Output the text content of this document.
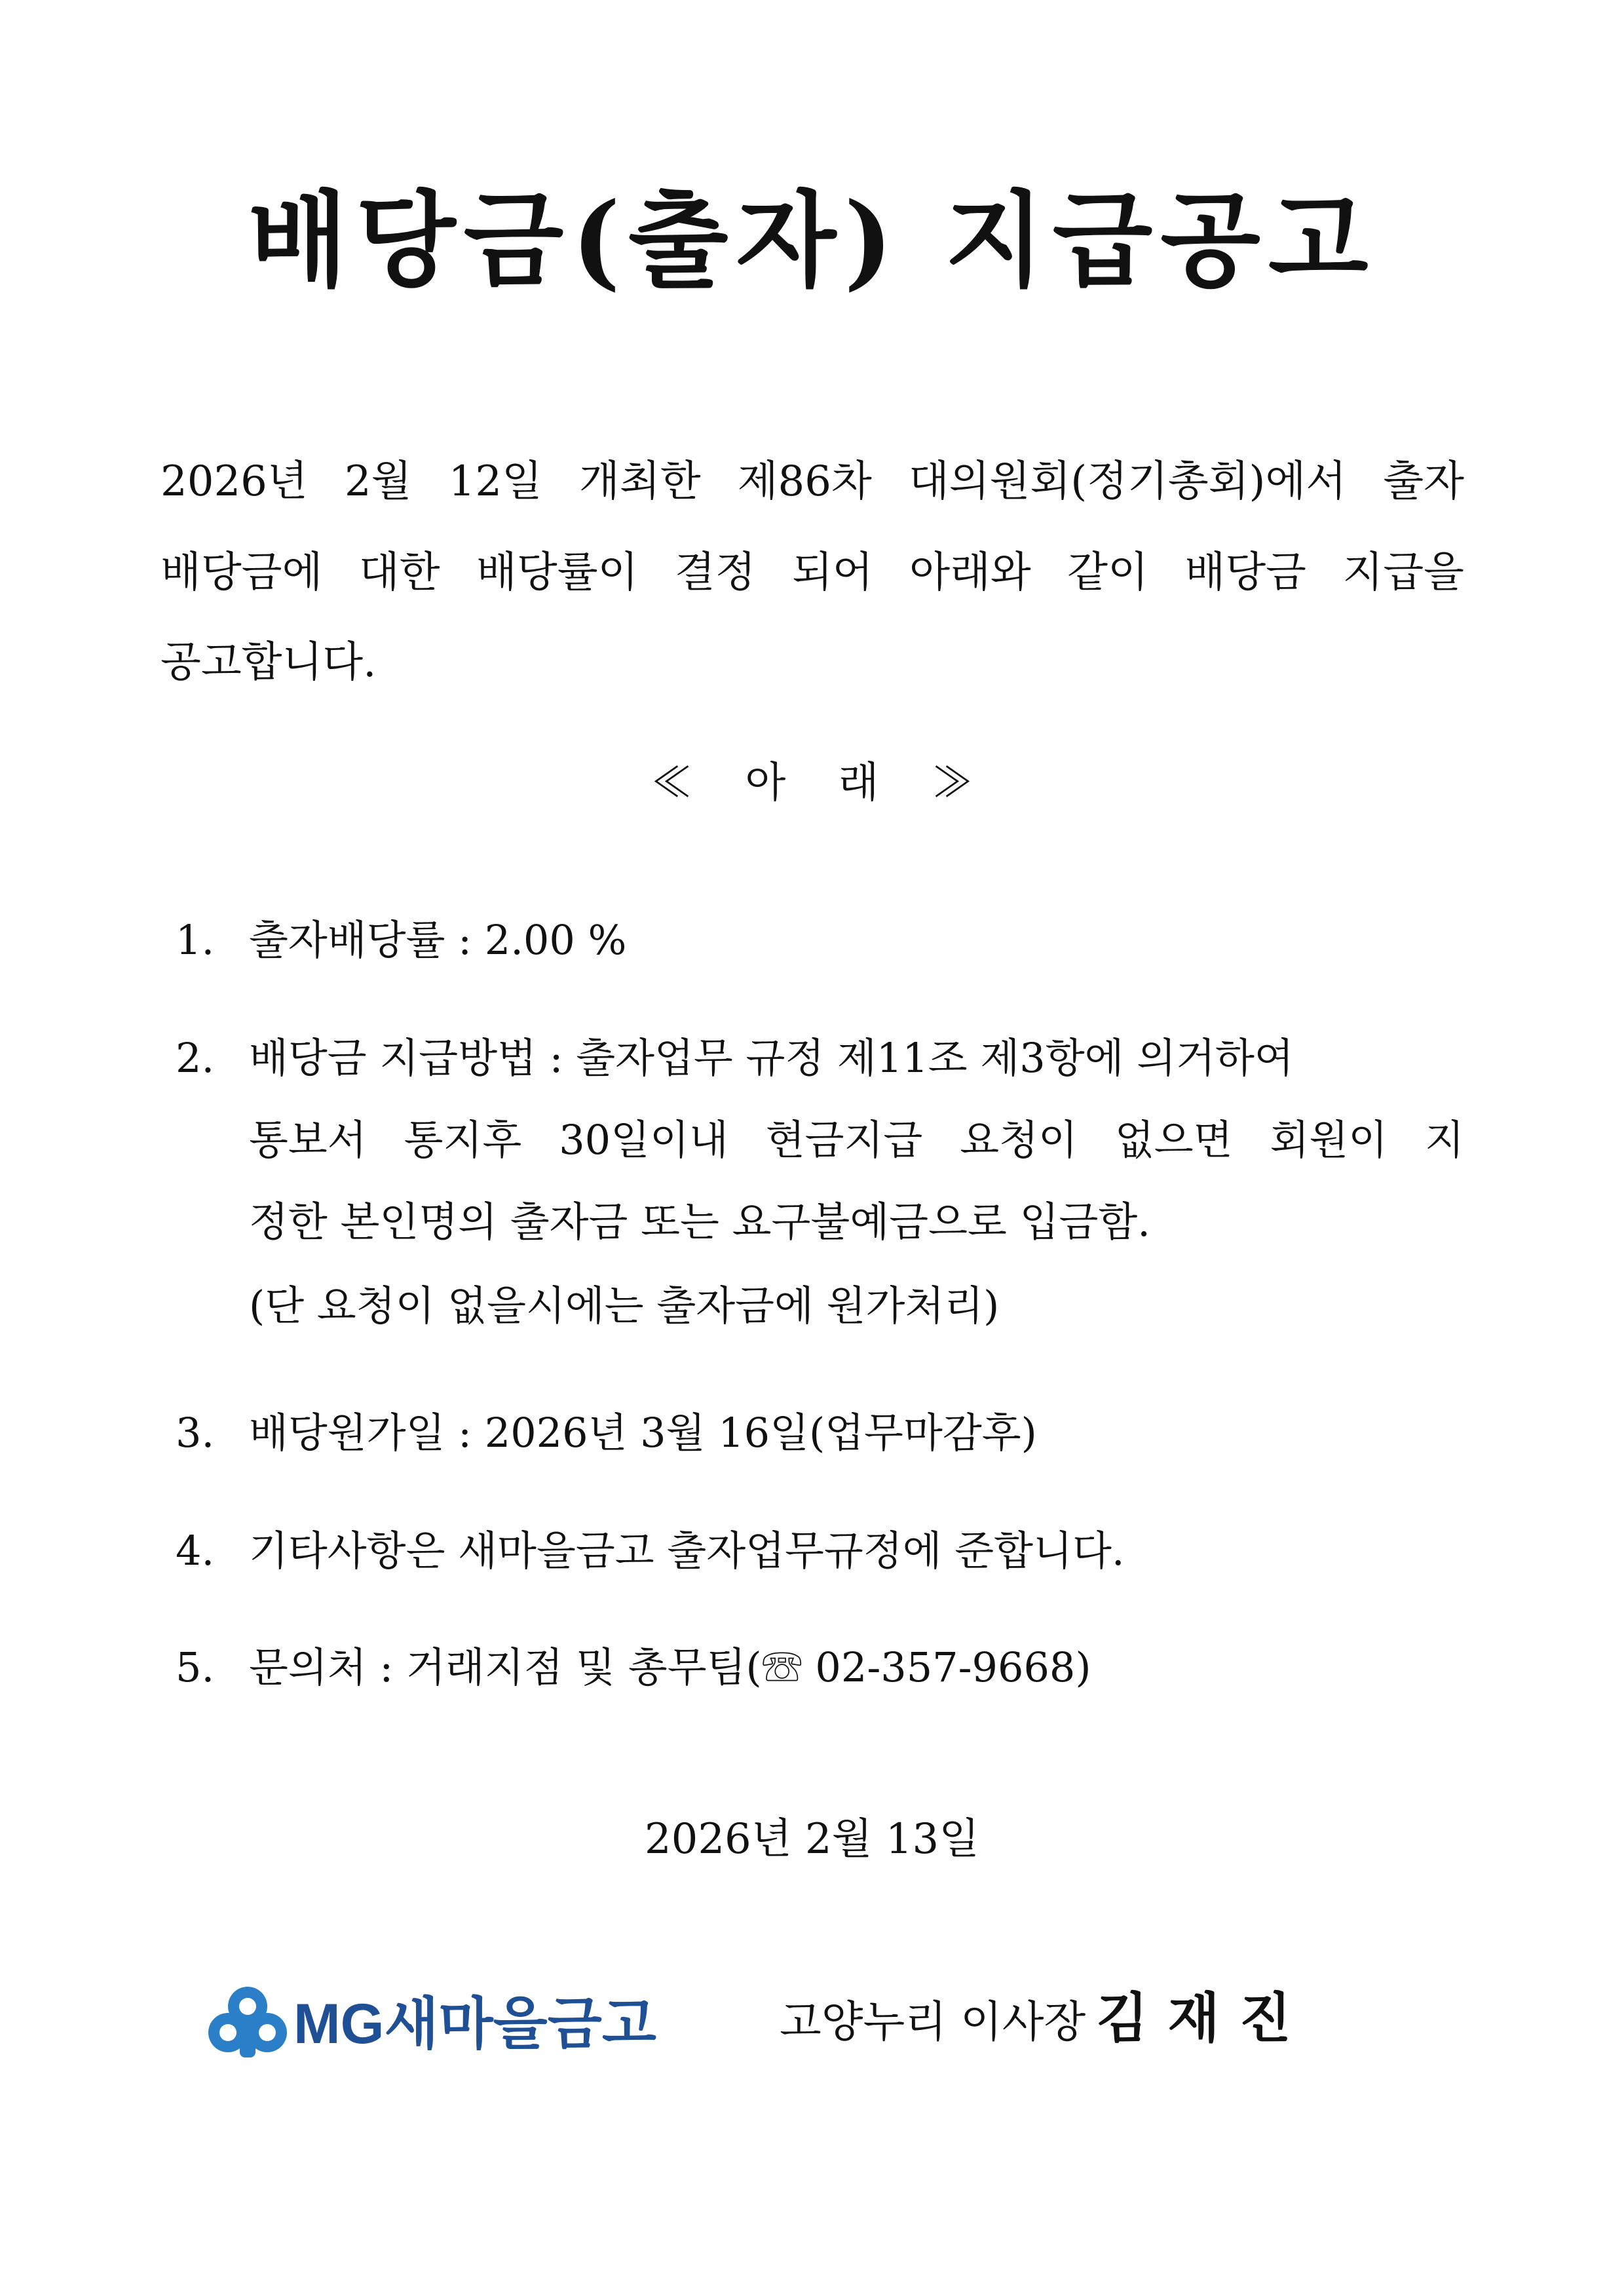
배당금(출자) 지급공고
2026년 2월 12일 개최한 제86차 대의원회(정기총회)에서 출자
배당금에 대한 배당률이 결정 되어 아래와 같이 배당금 지급을
공고합니다.
≪ 아 래 ≫
1. 출자배당률 : 2.00 %
2. 배당금 지급방법 : 출자업무 규정 제11조 제3항에 의거하여
통보서 통지후 30일이내 현금지급 요청이 없으면 회원이 지
정한 본인명의 출자금 또는 요구불예금으로 입금함.
(단 요청이 없을시에는 출자금에 원가처리)
3. 배당원가일 : 2026년 3월 16일(업무마감후)
4. 기타사항은 새마을금고 출자업무규정에 준합니다.
5. 문의처 : 거래지점 및 총무팀(☏ 02-357-9668)
2026년 2월 13일
MG새마을금고	고양누리 이사장 김재진
